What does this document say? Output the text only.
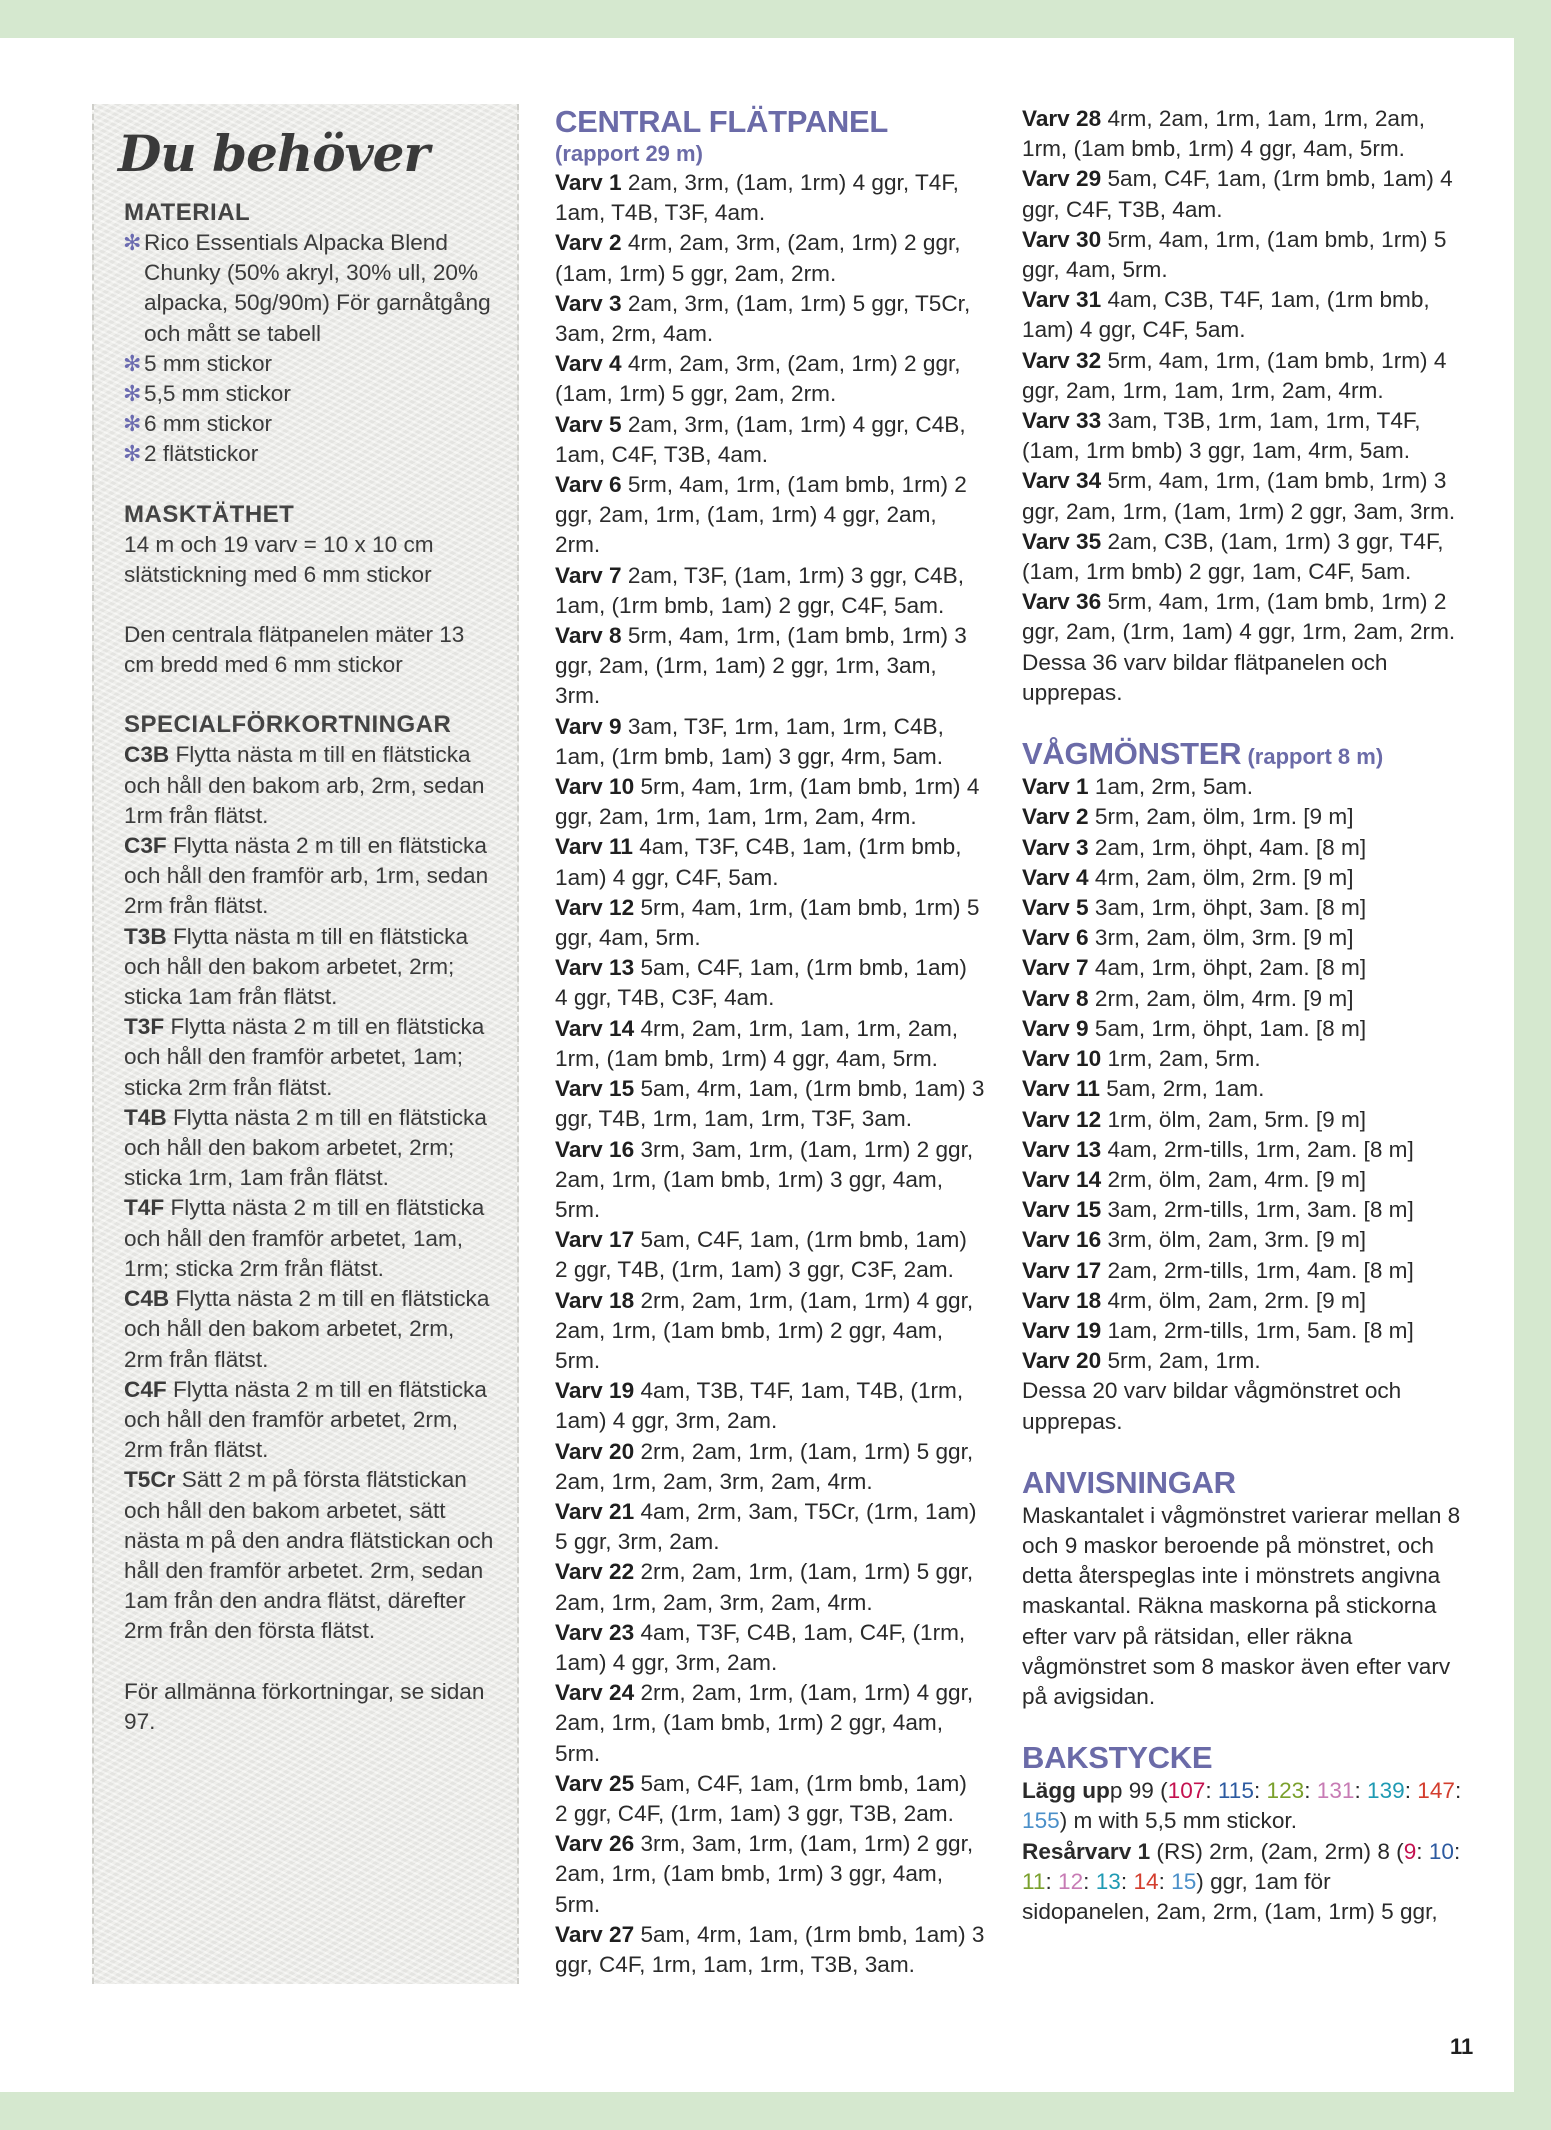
Du behöver
MATERIAL
✻ Rico Essentials Alpacka Blend Chunky (50% akryl, 30% ull, 20% alpacka, 50g/90m) För garnåtgång och mått se tabell
✻ 5 mm stickor
✻ 5,5 mm stickor
✻ 6 mm stickor
✻ 2 flätstickor
MASKTÄTHET
14 m och 19 varv = 10 x 10 cm slätstickning med 6 mm stickor
Den centrala flätpanelen mäter 13 cm bredd med 6 mm stickor
SPECIALFÖRKORTNINGAR
C3B Flytta nästa m till en flätsticka och håll den bakom arb, 2rm, sedan 1rm från flätst.
C3F Flytta nästa 2 m till en flätsticka och håll den framför arb, 1rm, sedan 2rm från flätst.
T3B Flytta nästa m till en flätsticka och håll den bakom arbetet, 2rm; sticka 1am från flätst.
T3F Flytta nästa 2 m till en flätsticka och håll den framför arbetet, 1am; sticka 2rm från flätst.
T4B Flytta nästa 2 m till en flätsticka och håll den bakom arbetet, 2rm; sticka 1rm, 1am från flätst.
T4F Flytta nästa 2 m till en flätsticka och håll den framför arbetet, 1am, 1rm; sticka 2rm från flätst.
C4B Flytta nästa 2 m till en flätsticka och håll den bakom arbetet, 2rm, 2rm från flätst.
C4F Flytta nästa 2 m till en flätsticka och håll den framför arbetet, 2rm, 2rm från flätst.
T5Cr Sätt 2 m på första flätstickan och håll den bakom arbetet, sätt nästa m på den andra flätstickan och håll den framför arbetet. 2rm, sedan 1am från den andra flätst, därefter 2rm från den första flätst.
För allmänna förkortningar, se sidan 97.
CENTRAL FLÄTPANEL
(rapport 29 m)
Varv 1 2am, 3rm, (1am, 1rm) 4 ggr, T4F, 1am, T4B, T3F, 4am.
Varv 2 4rm, 2am, 3rm, (2am, 1rm) 2 ggr, (1am, 1rm) 5 ggr, 2am, 2rm.
Varv 3 2am, 3rm, (1am, 1rm) 5 ggr, T5Cr, 3am, 2rm, 4am.
Varv 4 4rm, 2am, 3rm, (2am, 1rm) 2 ggr, (1am, 1rm) 5 ggr, 2am, 2rm.
Varv 5 2am, 3rm, (1am, 1rm) 4 ggr, C4B, 1am, C4F, T3B, 4am.
Varv 6 5rm, 4am, 1rm, (1am bmb, 1rm) 2 ggr, 2am, 1rm, (1am, 1rm) 4 ggr, 2am, 2rm.
Varv 7 2am, T3F, (1am, 1rm) 3 ggr, C4B, 1am, (1rm bmb, 1am) 2 ggr, C4F, 5am.
Varv 8 5rm, 4am, 1rm, (1am bmb, 1rm) 3 ggr, 2am, (1rm, 1am) 2 ggr, 1rm, 3am, 3rm.
Varv 9 3am, T3F, 1rm, 1am, 1rm, C4B, 1am, (1rm bmb, 1am) 3 ggr, 4rm, 5am.
Varv 10 5rm, 4am, 1rm, (1am bmb, 1rm) 4 ggr, 2am, 1rm, 1am, 1rm, 2am, 4rm.
Varv 11 4am, T3F, C4B, 1am, (1rm bmb, 1am) 4 ggr, C4F, 5am.
Varv 12 5rm, 4am, 1rm, (1am bmb, 1rm) 5 ggr, 4am, 5rm.
Varv 13 5am, C4F, 1am, (1rm bmb, 1am) 4 ggr, T4B, C3F, 4am.
Varv 14 4rm, 2am, 1rm, 1am, 1rm, 2am, 1rm, (1am bmb, 1rm) 4 ggr, 4am, 5rm.
Varv 15 5am, 4rm, 1am, (1rm bmb, 1am) 3 ggr, T4B, 1rm, 1am, 1rm, T3F, 3am.
Varv 16 3rm, 3am, 1rm, (1am, 1rm) 2 ggr, 2am, 1rm, (1am bmb, 1rm) 3 ggr, 4am, 5rm.
Varv 17 5am, C4F, 1am, (1rm bmb, 1am) 2 ggr, T4B, (1rm, 1am) 3 ggr, C3F, 2am.
Varv 18 2rm, 2am, 1rm, (1am, 1rm) 4 ggr, 2am, 1rm, (1am bmb, 1rm) 2 ggr, 4am, 5rm.
Varv 19 4am, T3B, T4F, 1am, T4B, (1rm, 1am) 4 ggr, 3rm, 2am.
Varv 20 2rm, 2am, 1rm, (1am, 1rm) 5 ggr, 2am, 1rm, 2am, 3rm, 2am, 4rm.
Varv 21 4am, 2rm, 3am, T5Cr, (1rm, 1am) 5 ggr, 3rm, 2am.
Varv 22 2rm, 2am, 1rm, (1am, 1rm) 5 ggr, 2am, 1rm, 2am, 3rm, 2am, 4rm.
Varv 23 4am, T3F, C4B, 1am, C4F, (1rm, 1am) 4 ggr, 3rm, 2am.
Varv 24 2rm, 2am, 1rm, (1am, 1rm) 4 ggr, 2am, 1rm, (1am bmb, 1rm) 2 ggr, 4am, 5rm.
Varv 25 5am, C4F, 1am, (1rm bmb, 1am) 2 ggr, C4F, (1rm, 1am) 3 ggr, T3B, 2am.
Varv 26 3rm, 3am, 1rm, (1am, 1rm) 2 ggr, 2am, 1rm, (1am bmb, 1rm) 3 ggr, 4am, 5rm.
Varv 27 5am, 4rm, 1am, (1rm bmb, 1am) 3 ggr, C4F, 1rm, 1am, 1rm, T3B, 3am.
Varv 28 4rm, 2am, 1rm, 1am, 1rm, 2am, 1rm, (1am bmb, 1rm) 4 ggr, 4am, 5rm.
Varv 29 5am, C4F, 1am, (1rm bmb, 1am) 4 ggr, C4F, T3B, 4am.
Varv 30 5rm, 4am, 1rm, (1am bmb, 1rm) 5 ggr, 4am, 5rm.
Varv 31 4am, C3B, T4F, 1am, (1rm bmb, 1am) 4 ggr, C4F, 5am.
Varv 32 5rm, 4am, 1rm, (1am bmb, 1rm) 4 ggr, 2am, 1rm, 1am, 1rm, 2am, 4rm.
Varv 33 3am, T3B, 1rm, 1am, 1rm, T4F, (1am, 1rm bmb) 3 ggr, 1am, 4rm, 5am.
Varv 34 5rm, 4am, 1rm, (1am bmb, 1rm) 3 ggr, 2am, 1rm, (1am, 1rm) 2 ggr, 3am, 3rm.
Varv 35 2am, C3B, (1am, 1rm) 3 ggr, T4F, (1am, 1rm bmb) 2 ggr, 1am, C4F, 5am.
Varv 36 5rm, 4am, 1rm, (1am bmb, 1rm) 2 ggr, 2am, (1rm, 1am) 4 ggr, 1rm, 2am, 2rm.
Dessa 36 varv bildar flätpanelen och upprepas.
VÅGMÖNSTER (rapport 8 m)
Varv 1 1am, 2rm, 5am.
Varv 2 5rm, 2am, ölm, 1rm. [9 m]
Varv 3 2am, 1rm, öhpt, 4am. [8 m]
Varv 4 4rm, 2am, ölm, 2rm. [9 m]
Varv 5 3am, 1rm, öhpt, 3am. [8 m]
Varv 6 3rm, 2am, ölm, 3rm. [9 m]
Varv 7 4am, 1rm, öhpt, 2am. [8 m]
Varv 8 2rm, 2am, ölm, 4rm. [9 m]
Varv 9 5am, 1rm, öhpt, 1am. [8 m]
Varv 10 1rm, 2am, 5rm.
Varv 11 5am, 2rm, 1am.
Varv 12 1rm, ölm, 2am, 5rm. [9 m]
Varv 13 4am, 2rm-tills, 1rm, 2am. [8 m]
Varv 14 2rm, ölm, 2am, 4rm. [9 m]
Varv 15 3am, 2rm-tills, 1rm, 3am. [8 m]
Varv 16 3rm, ölm, 2am, 3rm. [9 m]
Varv 17 2am, 2rm-tills, 1rm, 4am. [8 m]
Varv 18 4rm, ölm, 2am, 2rm. [9 m]
Varv 19 1am, 2rm-tills, 1rm, 5am. [8 m]
Varv 20 5rm, 2am, 1rm.
Dessa 20 varv bildar vågmönstret och upprepas.
ANVISNINGAR
Maskantalet i vågmönstret varierar mellan 8 och 9 maskor beroende på mönstret, och detta återspeglas inte i mönstrets angivna maskantal. Räkna maskorna på stickorna efter varv på rätsidan, eller räkna vågmönstret som 8 maskor även efter varv på avigsidan.
BAKSTYCKE
Lägg upp 99 (107: 115: 123: 131: 139: 147: 155) m with 5,5 mm stickor.
Resårvarv 1 (RS) 2rm, (2am, 2rm) 8 (9: 10: 11: 12: 13: 14: 15) ggr, 1am för sidopanelen, 2am, 2rm, (1am, 1rm) 5 ggr,
11
